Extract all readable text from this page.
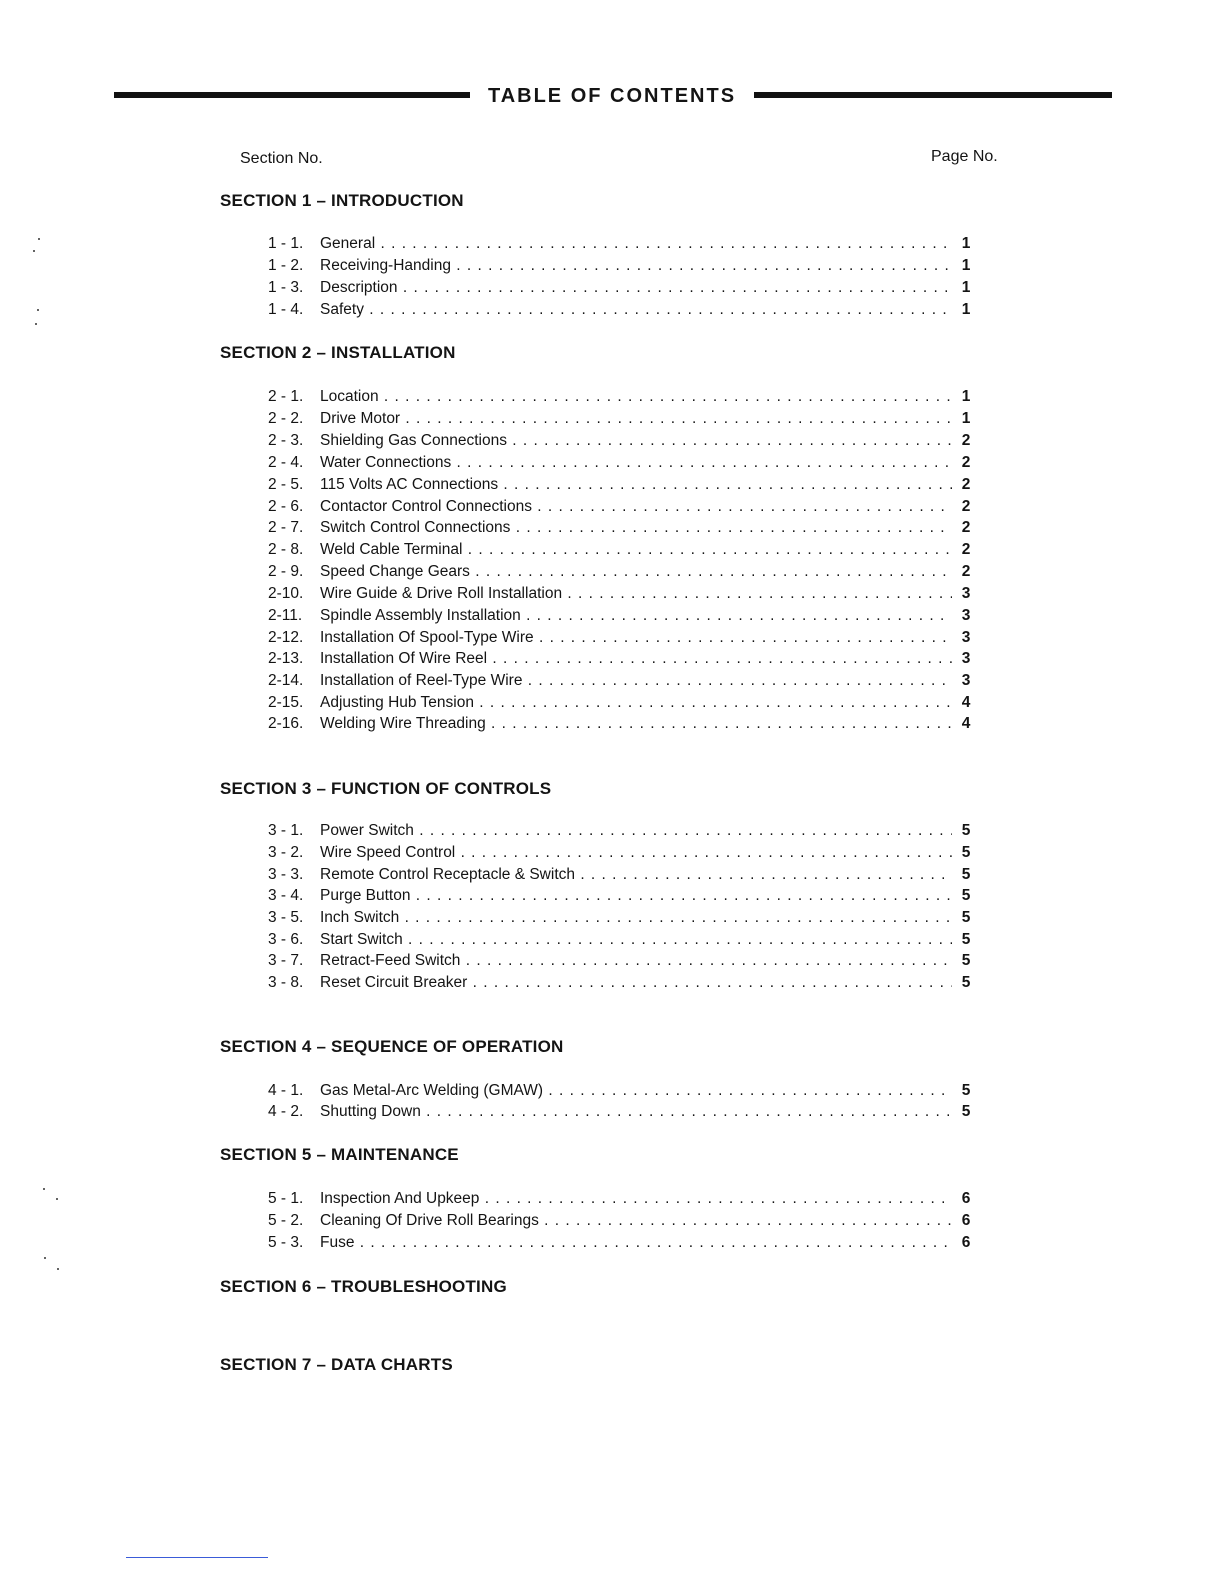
TABLE OF CONTENTS
Section No.	Page No.
SECTION 1 – INTRODUCTION
1 - 1.	General . . .	1
1 - 2.	Receiving-Handing . . .	1
1 - 3.	Description . . .	1
1 - 4.	Safety . . .	1
SECTION 2 – INSTALLATION
2 - 1.	Location . . .	1
2 - 2.	Drive Motor . . .	1
2 - 3.	Shielding Gas Connections . . .	2
2 - 4.	Water Connections . . .	2
2 - 5.	115 Volts AC Connections . . .	2
2 - 6.	Contactor Control Connections . . .	2
2 - 7.	Switch Control Connections . . .	2
2 - 8.	Weld Cable Terminal . . .	2
2 - 9.	Speed Change Gears . . .	2
2-10.	Wire Guide & Drive Roll Installation . . .	3
2-11.	Spindle Assembly Installation . . .	3
2-12.	Installation Of Spool-Type Wire . . .	3
2-13.	Installation Of Wire Reel . . .	3
2-14.	Installation of Reel-Type Wire . . .	3
2-15.	Adjusting Hub Tension . . .	4
2-16.	Welding Wire Threading . . .	4
SECTION 3 – FUNCTION OF CONTROLS
3 - 1.	Power Switch . . .	5
3 - 2.	Wire Speed Control . . .	5
3 - 3.	Remote Control Receptacle & Switch . . .	5
3 - 4.	Purge Button . . .	5
3 - 5.	Inch Switch . . .	5
3 - 6.	Start Switch . . .	5
3 - 7.	Retract-Feed Switch . . .	5
3 - 8.	Reset Circuit Breaker . . .	5
SECTION 4 – SEQUENCE OF OPERATION
4 - 1.	Gas Metal-Arc Welding (GMAW) . . .	5
4 - 2.	Shutting Down . . .	5
SECTION 5 – MAINTENANCE
5 - 1.	Inspection And Upkeep . . .	6
5 - 2.	Cleaning Of Drive Roll Bearings . . .	6
5 - 3.	Fuse . . .	6
SECTION 6 – TROUBLESHOOTING
SECTION 7 – DATA CHARTS
